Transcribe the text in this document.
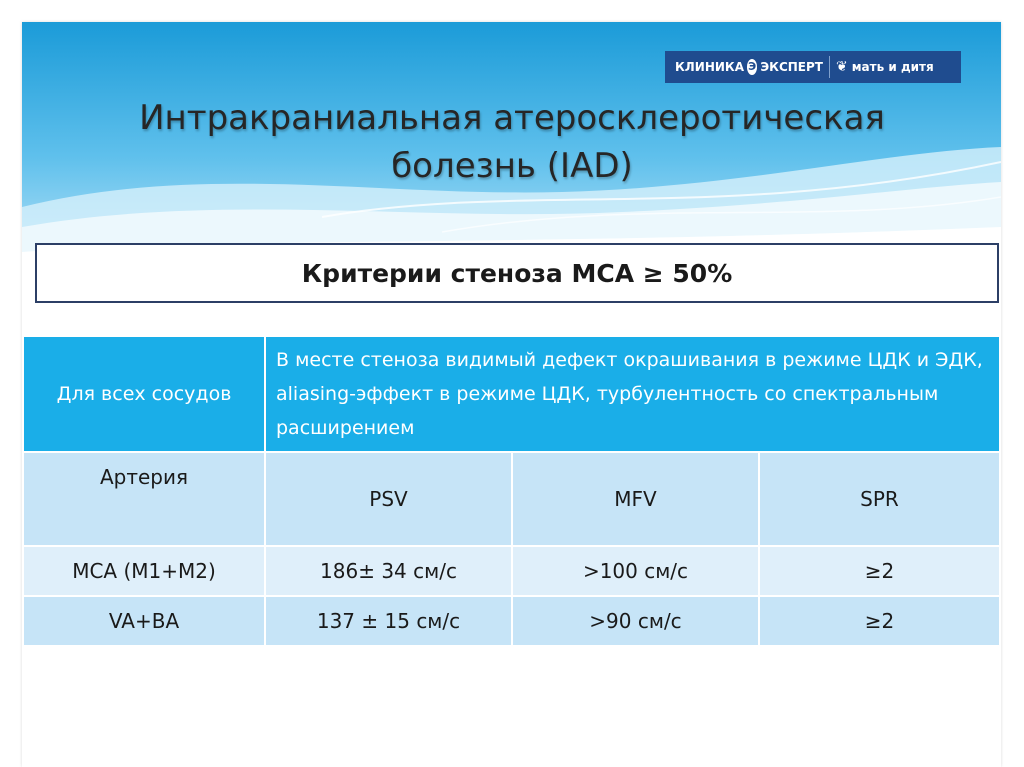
КЛИНИКА Э ЭКСПЕРТ ❦ мать и дитя
Интракраниальная атеросклеротическая
болезнь (IAD)
Критерии стеноза МСА ≥ 50%
Для всех сосудов	В месте стеноза видимый дефект окрашивания в режиме ЦДК и ЭДК, aliasing-эффект в режиме ЦДК, турбулентность со спектральным расширением		
Артерия	PSV	MFV	SPR
МСА (М1+М2)	186± 34 см/с	>100 см/с	≥2
VA+BA	137 ± 15 см/с	>90 см/с	≥2
